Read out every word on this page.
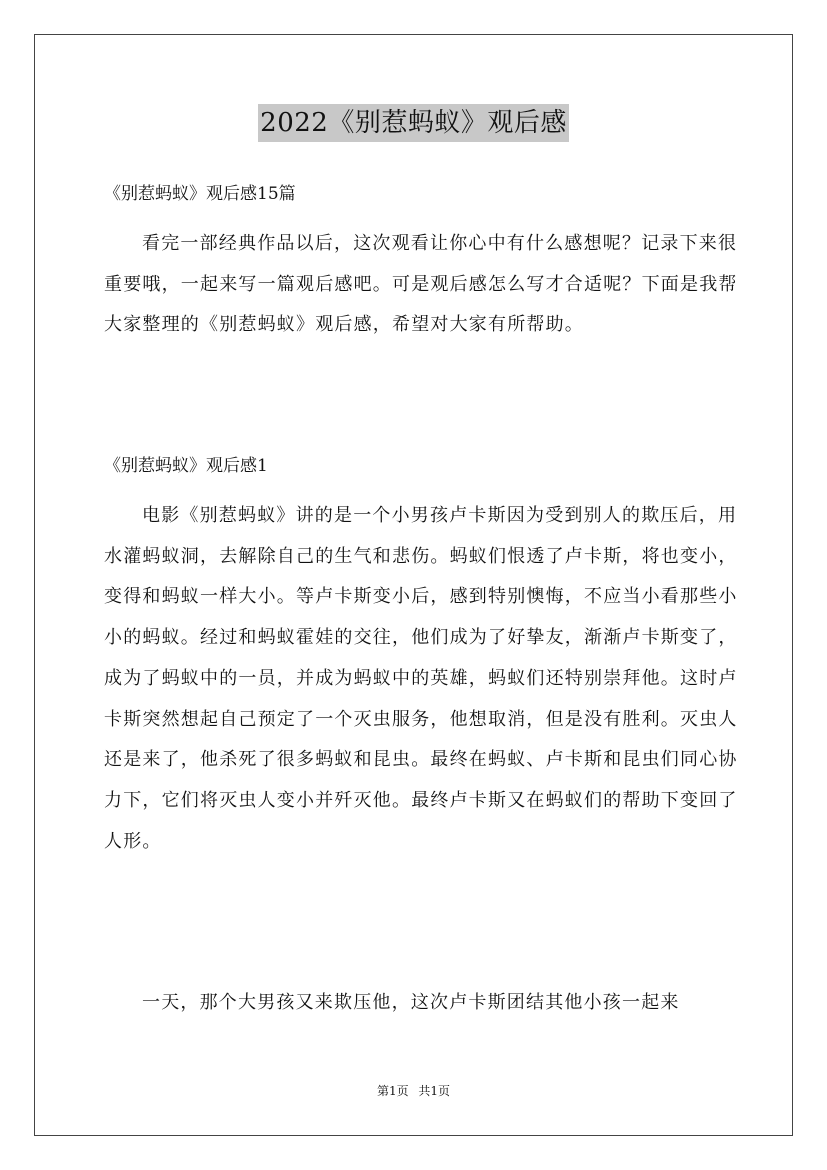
2022《别惹蚂蚁》观后感

《别惹蚂蚁》观后感15篇

看完一部经典作品以后，这次观看让你心中有什么感想呢？记录下来很重要哦，一起来写一篇观后感吧。可是观后感怎么写才合适呢？下面是我帮大家整理的《别惹蚂蚁》观后感，希望对大家有所帮助。

《别惹蚂蚁》观后感1

电影《别惹蚂蚁》讲的是一个小男孩卢卡斯因为受到别人的欺压后，用水灌蚂蚁洞，去解除自己的生气和悲伤。蚂蚁们恨透了卢卡斯，将也变小，变得和蚂蚁一样大小。等卢卡斯变小后，感到特别懊悔，不应当小看那些小小的蚂蚁。经过和蚂蚁霍娃的交往，他们成为了好挚友，渐渐卢卡斯变了，成为了蚂蚁中的一员，并成为蚂蚁中的英雄，蚂蚁们还特别崇拜他。这时卢卡斯突然想起自己预定了一个灭虫服务，他想取消，但是没有胜利。灭虫人还是来了，他杀死了很多蚂蚁和昆虫。最终在蚂蚁、卢卡斯和昆虫们同心协力下，它们将灭虫人变小并歼灭他。最终卢卡斯又在蚂蚁们的帮助下变回了人形。

一天，那个大男孩又来欺压他，这次卢卡斯团结其他小孩一起来

第1页 共1页
